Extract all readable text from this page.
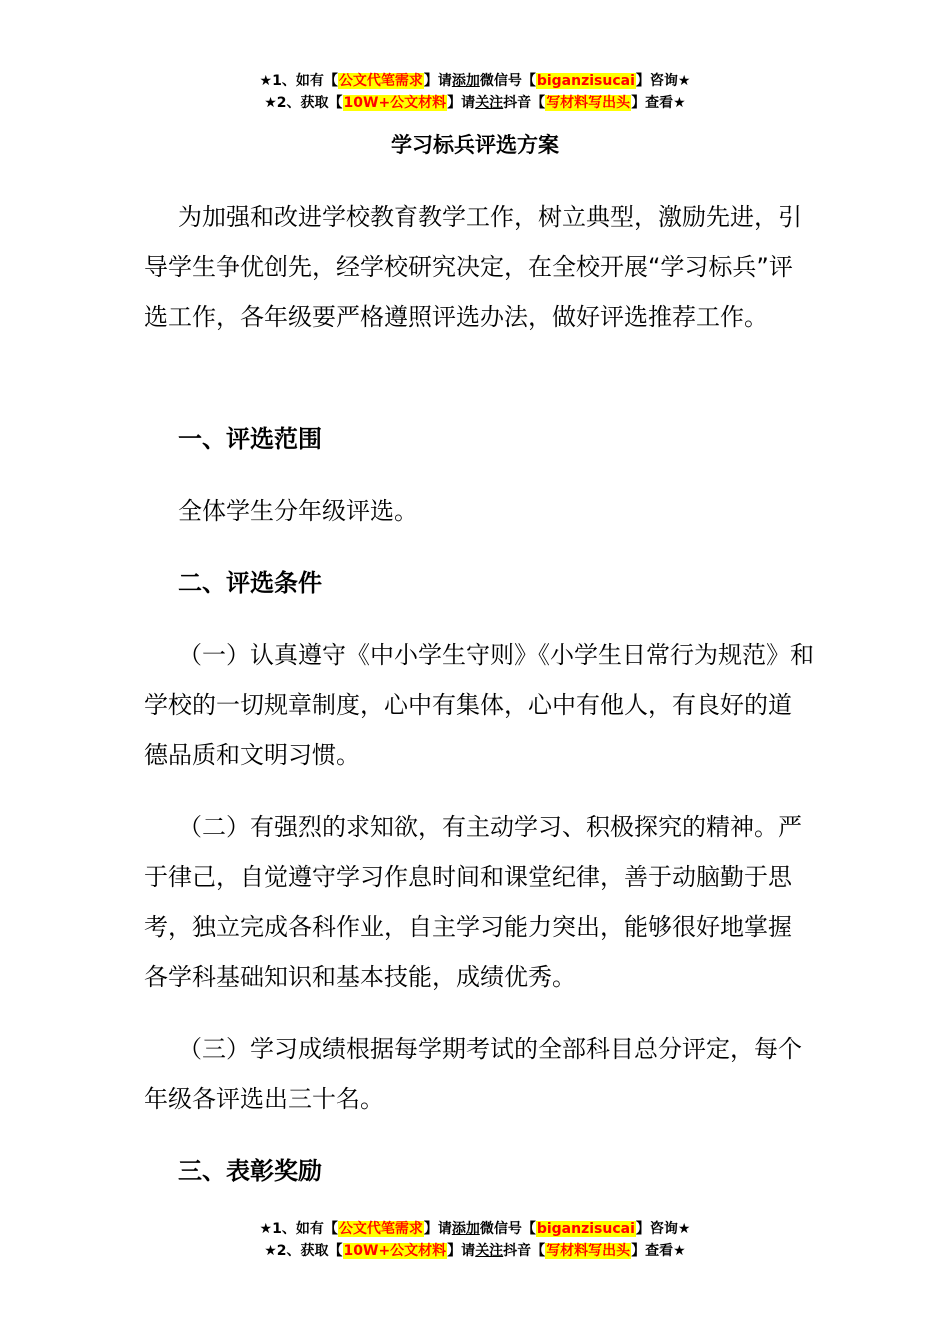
★1、如有【公文代笔需求】请添加微信号【biganzisucai】咨询★
★2、获取【10W+公文材料】请关注抖音【写材料写出头】查看★
学习标兵评选方案

为加强和改进学校教育教学工作，树立典型，激励先进，引导学生争优创先，经学校研究决定，在全校开展“学习标兵”评选工作，各年级要严格遵照评选办法，做好评选推荐工作。

一、评选范围

全体学生分年级评选。

二、评选条件

（一）认真遵守《中小学生守则》《小学生日常行为规范》和学校的一切规章制度，心中有集体，心中有他人，有良好的道德品质和文明习惯。

（二）有强烈的求知欲，有主动学习、积极探究的精神。严于律己，自觉遵守学习作息时间和课堂纪律，善于动脑勤于思考，独立完成各科作业，自主学习能力突出，能够很好地掌握各学科基础知识和基本技能，成绩优秀。

（三）学习成绩根据每学期考试的全部科目总分评定，每个年级各评选出三十名。

三、表彰奖励

★1、如有【公文代笔需求】请添加微信号【biganzisucai】咨询★
★2、获取【10W+公文材料】请关注抖音【写材料写出头】查看★
